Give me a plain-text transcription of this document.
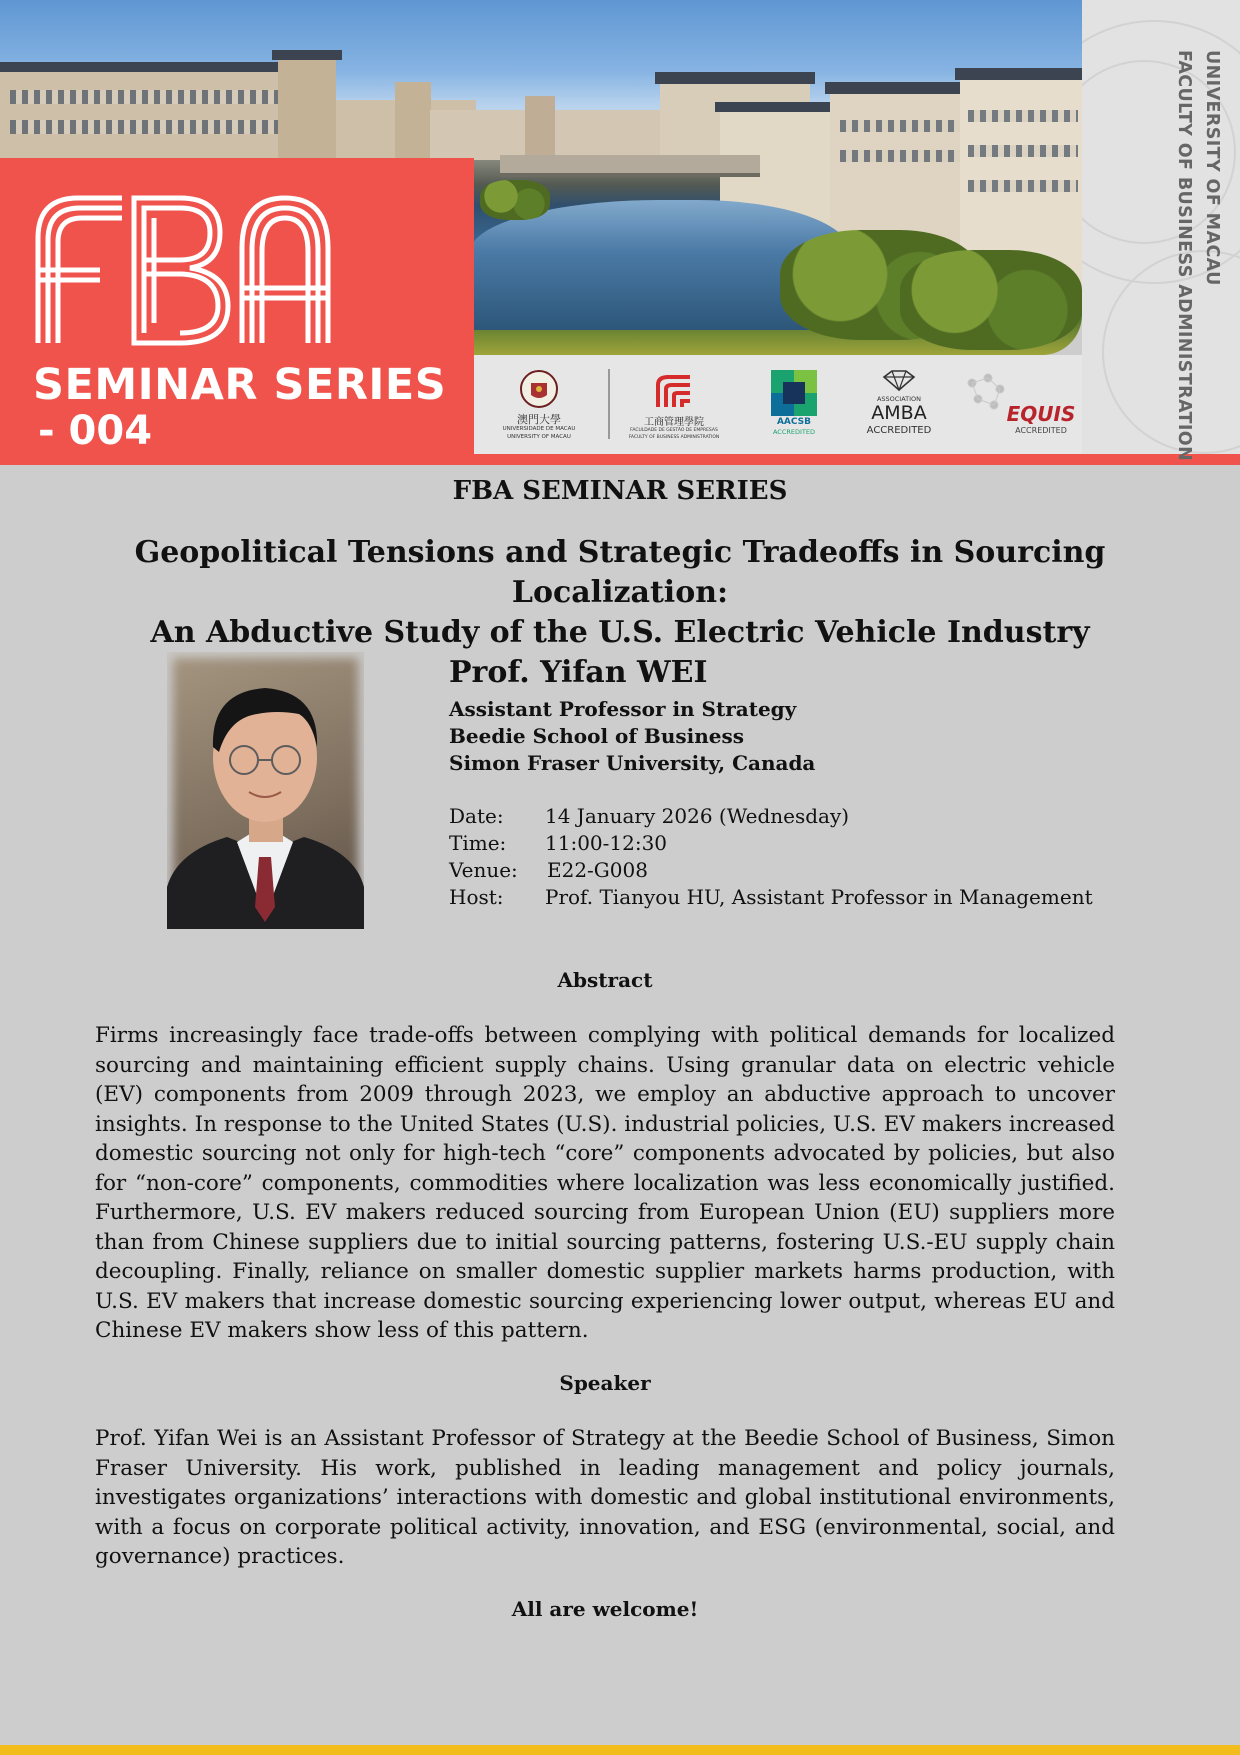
SEMINAR SERIES
- 004	澳門大學
UNIVERSIDADE DE MACAU
UNIVERSITY OF MACAU
工商管理學院
FACULDADE DE GESTÃO DE EMPRESAS
FACULTY OF BUSINESS ADMINISTRATION
AACSB
ACCREDITED
ASSOCIATION
AMBA
ACCREDITED
EQUIS
ACCREDITED
UNIVERSITY OF MACAU
FACULTY OF BUSINESS ADMINISTRATION
FBA SEMINAR SERIES
Geopolitical Tensions and Strategic Tradeoffs in Sourcing Localization:
An Abductive Study of the U.S. Electric Vehicle Industry
Prof. Yifan WEI
Assistant Professor in Strategy
Beedie School of Business
Simon Fraser University, Canada
Date: 14 January 2026 (Wednesday)
Time: 11:00-12:30
Venue: E22-G008
Host: Prof. Tianyou HU, Assistant Professor in Management
Abstract
Firms increasingly face trade-offs between complying with political demands for localized sourcing and maintaining efficient supply chains. Using granular data on electric vehicle (EV) components from 2009 through 2023, we employ an abductive approach to uncover insights. In response to the United States (U.S). industrial policies, U.S. EV makers increased domestic sourcing not only for high-tech “core” components advocated by policies, but also for “non-core” components, commodities where localization was less economically justified. Furthermore, U.S. EV makers reduced sourcing from European Union (EU) suppliers more than from Chinese suppliers due to initial sourcing patterns, fostering U.S.-EU supply chain decoupling. Finally, reliance on smaller domestic supplier markets harms production, with U.S. EV makers that increase domestic sourcing experiencing lower output, whereas EU and Chinese EV makers show less of this pattern.
Speaker
Prof. Yifan Wei is an Assistant Professor of Strategy at the Beedie School of Business, Simon Fraser University. His work, published in leading management and policy journals, investigates organizations’ interactions with domestic and global institutional environments, with a focus on corporate political activity, innovation, and ESG (environmental, social, and governance) practices.
All are welcome!
